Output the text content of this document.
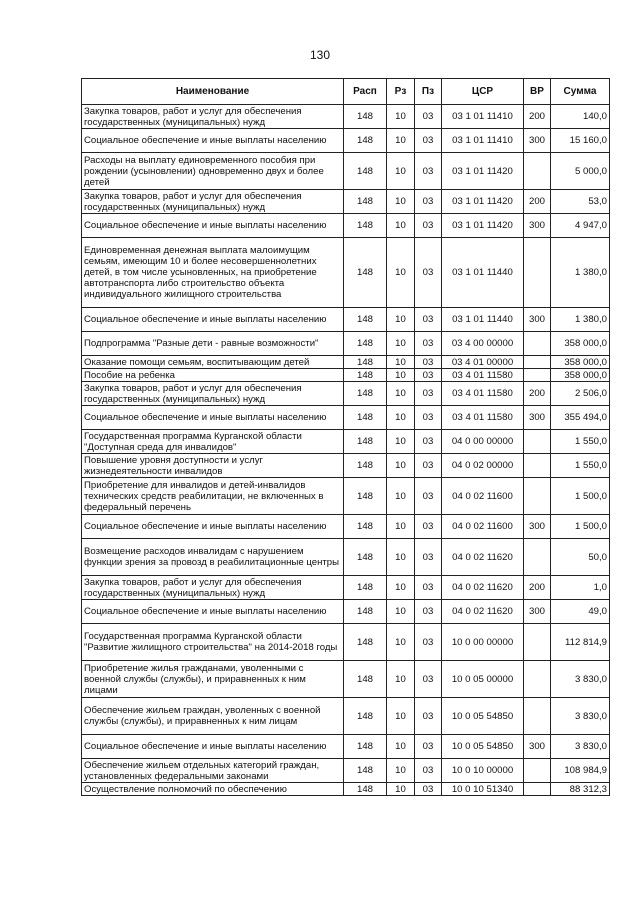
130
Наименование	Расп	Рз	Пз	ЦСР	ВР	Сумма
Закупка товаров, работ и услуг для обеспечения государственных (муниципальных) нужд	148	10	03	03 1 01 11410	200	140,0
Социальное обеспечение и иные выплаты населению	148	10	03	03 1 01 11410	300	15 160,0
Расходы на выплату единовременного пособия при рождении (усыновлении) одновременно двух и более детей	148	10	03	03 1 01 11420		5 000,0
Закупка товаров, работ и услуг для обеспечения государственных (муниципальных) нужд	148	10	03	03 1 01 11420	200	53,0
Социальное обеспечение и иные выплаты населению	148	10	03	03 1 01 11420	300	4 947,0
Единовременная денежная выплата малоимущим семьям, имеющим 10 и более несовершеннолетних детей, в том числе усыновленных, на приобретение автотранспорта либо строительство объекта индивидуального жилищного строительства	148	10	03	03 1 01 11440		1 380,0
Социальное обеспечение и иные выплаты населению	148	10	03	03 1 01 11440	300	1 380,0
Подпрограмма "Разные дети - равные возможности"	148	10	03	03 4 00 00000		358 000,0
Оказание помощи семьям, воспитывающим детей	148	10	03	03 4 01 00000		358 000,0
Пособие на ребенка	148	10	03	03 4 01 11580		358 000,0
Закупка товаров, работ и услуг для обеспечения государственных (муниципальных) нужд	148	10	03	03 4 01 11580	200	2 506,0
Социальное обеспечение и иные выплаты населению	148	10	03	03 4 01 11580	300	355 494,0
Государственная программа Курганской области "Доступная среда для инвалидов"	148	10	03	04 0 00 00000		1 550,0
Повышение уровня доступности и услуг жизнедеятельности инвалидов	148	10	03	04 0 02 00000		1 550,0
Приобретение для инвалидов и детей-инвалидов технических средств реабилитации, не включенных в федеральный перечень	148	10	03	04 0 02 11600		1 500,0
Социальное обеспечение и иные выплаты населению	148	10	03	04 0 02 11600	300	1 500,0
Возмещение расходов инвалидам с нарушением функции зрения за провозд в реабилитационные центры	148	10	03	04 0 02 11620		50,0
Закупка товаров, работ и услуг для обеспечения государственных (муниципальных) нужд	148	10	03	04 0 02 11620	200	1,0
Социальное обеспечение и иные выплаты населению	148	10	03	04 0 02 11620	300	49,0
Государственная программа Курганской области "Развитие жилищного строительства" на 2014-2018 годы	148	10	03	10 0 00 00000		112 814,9
Приобретение жилья гражданами, уволенными с военной службы (службы), и приравненных к ним лицами	148	10	03	10 0 05 00000		3 830,0
Обеспечение жильем граждан, уволенных с военной службы (службы), и приравненных к ним лицам	148	10	03	10 0 05 54850		3 830,0
Социальное обеспечение и иные выплаты населению	148	10	03	10 0 05 54850	300	3 830,0
Обеспечение жильем отдельных категорий граждан, установленных федеральными законами	148	10	03	10 0 10 00000		108 984,9
Осуществление полномочий по обеспечению	148	10	03	10 0 10 51340		88 312,3
